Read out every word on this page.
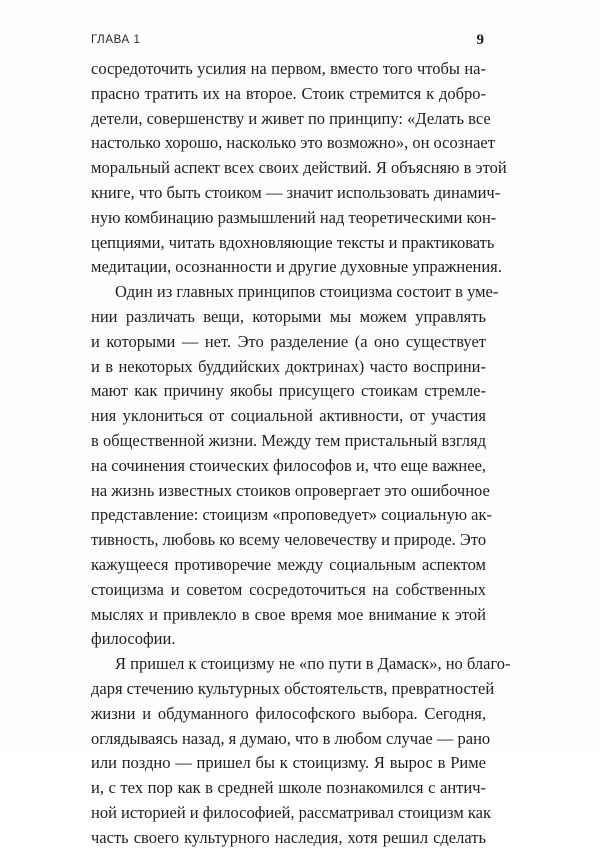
ГЛАВА 1	9
сосредоточить усилия на первом, вместо того чтобы на-
прасно тратить их на второе. Стоик стремится к добро-
детели, совершенству и живет по принципу: «Делать все
настолько хорошо, насколько это возможно», он осознает
моральный аспект всех своих действий. Я объясняю в этой
книге, что быть стоиком — значит использовать динамич-
ную комбинацию размышлений над теоретическими кон-
цепциями, читать вдохновляющие тексты и практиковать
медитации, осознанности и другие духовные упражнения.
Один из главных принципов стоицизма состоит в уме-
нии различать вещи, которыми мы можем управлять
и которыми — нет. Это разделение (а оно существует
и в некоторых буддийских доктринах) часто восприни-
мают как причину якобы присущего стоикам стремле-
ния уклониться от социальной активности, от участия
в общественной жизни. Между тем пристальный взгляд
на сочинения стоических философов и, что еще важнее,
на жизнь известных стоиков опровергает это ошибочное
представление: стоицизм «проповедует» социальную ак-
тивность, любовь ко всему человечеству и природе. Это
кажущееся противоречие между социальным аспектом
стоицизма и советом сосредоточиться на собственных
мыслях и привлекло в свое время мое внимание к этой
философии.
Я пришел к стоицизму не «по пути в Дамаск», но благо-
даря стечению культурных обстоятельств, превратностей
жизни и обдуманного философского выбора. Сегодня,
оглядываясь назад, я думаю, что в любом случае — рано
или поздно — пришел бы к стоицизму. Я вырос в Риме
и, с тех пор как в средней школе познакомился с антич-
ной историей и философией, рассматривал стоицизм как
часть своего культурного наследия, хотя решил сделать
